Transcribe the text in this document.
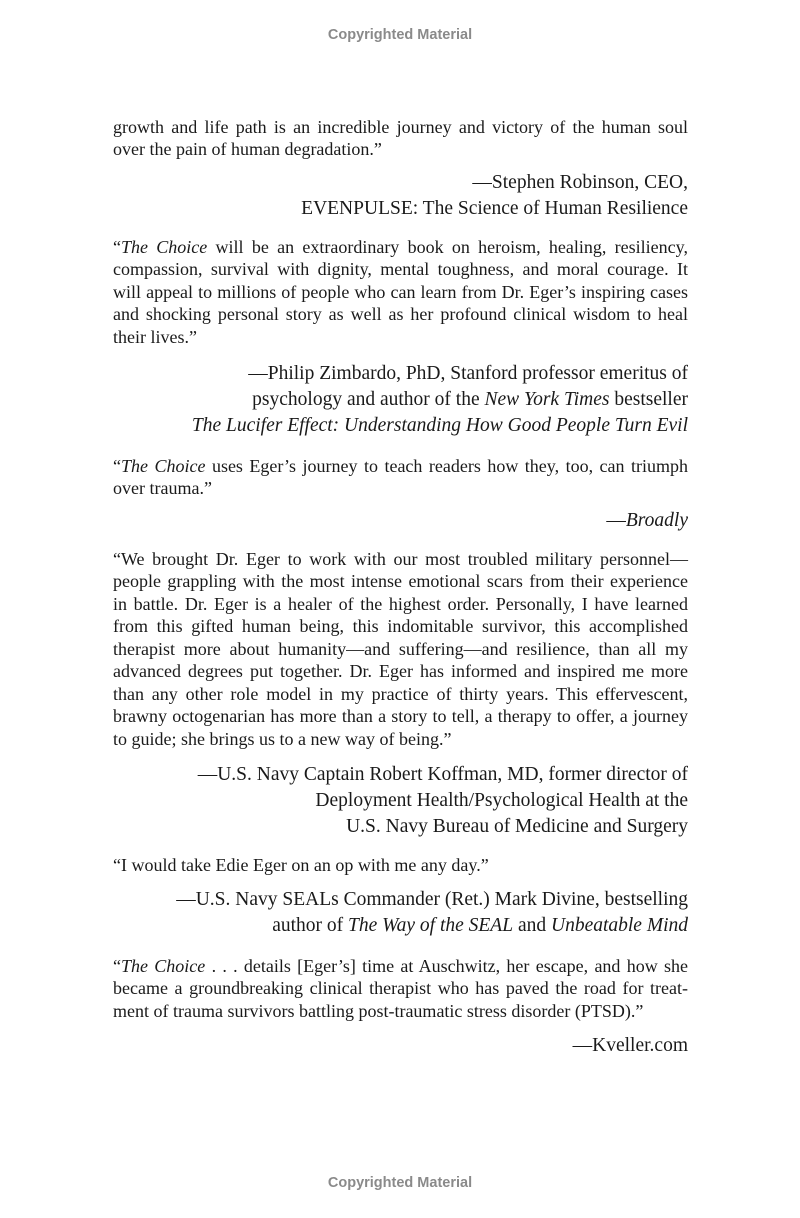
Copyrighted Material
growth and life path is an incredible journey and victory of the human soul
over the pain of human degradation.”
—Stephen Robinson, CEO,
EVENPULSE: The Science of Human Resilience
“The Choice will be an extraordinary book on heroism, healing, resiliency,
compassion, survival with dignity, mental toughness, and moral courage. It
will appeal to millions of people who can learn from Dr. Eger’s inspiring cases
and shocking personal story as well as her profound clinical wisdom to heal
their lives.”
—Philip Zimbardo, PhD, Stanford professor emeritus of
psychology and author of the New York Times bestseller
The Lucifer Effect: Understanding How Good People Turn Evil
“The Choice uses Eger’s journey to teach readers how they, too, can triumph
over trauma.”
—Broadly
“We brought Dr. Eger to work with our most troubled military personnel—
people grappling with the most intense emotional scars from their experience
in battle. Dr. Eger is a healer of the highest order. Personally, I have learned
from this gifted human being, this indomitable survivor, this accomplished
therapist more about humanity—and suffering—and resilience, than all my
advanced degrees put together. Dr. Eger has informed and inspired me more
than any other role model in my practice of thirty years. This effervescent,
brawny octogenarian has more than a story to tell, a therapy to offer, a journey
to guide; she brings us to a new way of being.”
—U.S. Navy Captain Robert Koffman, MD, former director of
Deployment Health/Psychological Health at the
U.S. Navy Bureau of Medicine and Surgery
“I would take Edie Eger on an op with me any day.”
—U.S. Navy SEALs Commander (Ret.) Mark Divine, bestselling
author of The Way of the SEAL and Unbeatable Mind
“The Choice . . . details [Eger’s] time at Auschwitz, her escape, and how she
became a groundbreaking clinical therapist who has paved the road for treat-
ment of trauma survivors battling post-traumatic stress disorder (PTSD).”
—Kveller.com
Copyrighted Material
